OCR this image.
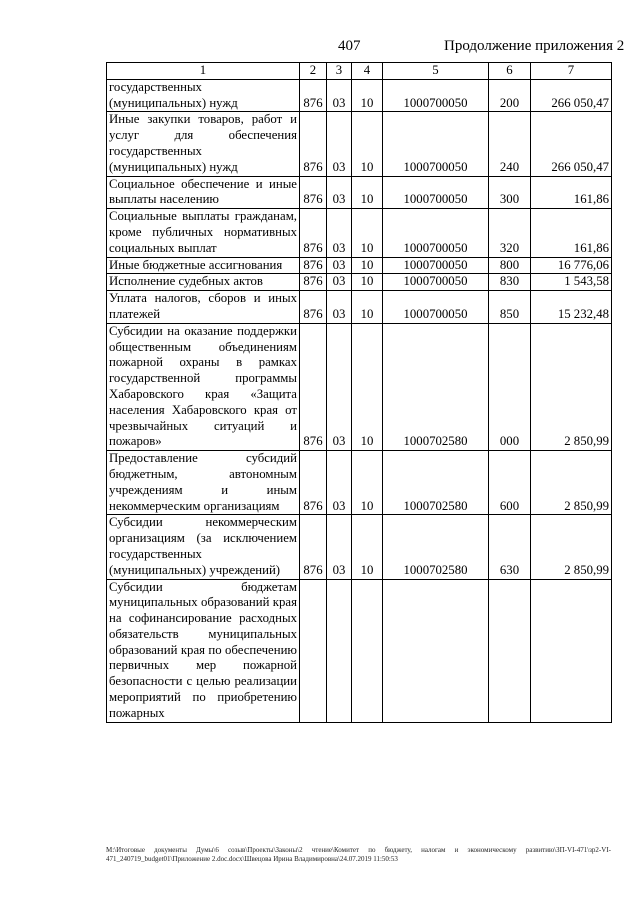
407	Продолжение приложения 2
1	2	3	4	5	6	7
государственных (муниципальных) нужд	876	03	10	1000700050	200	266 050,47
Иные закупки товаров, работ и услуг для обеспечения государственных (муниципальных) нужд	876	03	10	1000700050	240	266 050,47
Социальное обеспечение и иные выплаты населению	876	03	10	1000700050	300	161,86
Социальные выплаты гражданам, кроме публичных нормативных социальных выплат	876	03	10	1000700050	320	161,86
Иные бюджетные ассигнования	876	03	10	1000700050	800	16 776,06
Исполнение судебных актов	876	03	10	1000700050	830	1 543,58
Уплата налогов, сборов и иных платежей	876	03	10	1000700050	850	15 232,48
Субсидии на оказание поддержки общественным объединениям пожарной охраны в рамках государственной программы Хабаровского края «Защита населения Хабаровского края от чрезвычайных ситуаций и пожаров»	876	03	10	1000702580	000	2 850,99
Предоставление субсидий бюджетным, автономным учреждениям и иным некоммерческим организациям	876	03	10	1000702580	600	2 850,99
Субсидии некоммерческим организациям (за исключением государственных (муниципальных) учреждений)	876	03	10	1000702580	630	2 850,99
Субсидии бюджетам муниципальных образований края на софинансирование расходных обязательств муниципальных образований края по обеспечению первичных мер пожарной безопасности с целью реализации мероприятий по приобретению пожарных						
М:\Итоговые документы Думы\6 созыв\Проекты\Законы\2 чтение\Комитет по бюджету, налогам и экономическому развитию\ЗП-VI-471\зр2-VI-471_240719_budget01\Приложение 2.doc.docx\Швецова Ирина Владимировна\24.07.2019 11:50:53
